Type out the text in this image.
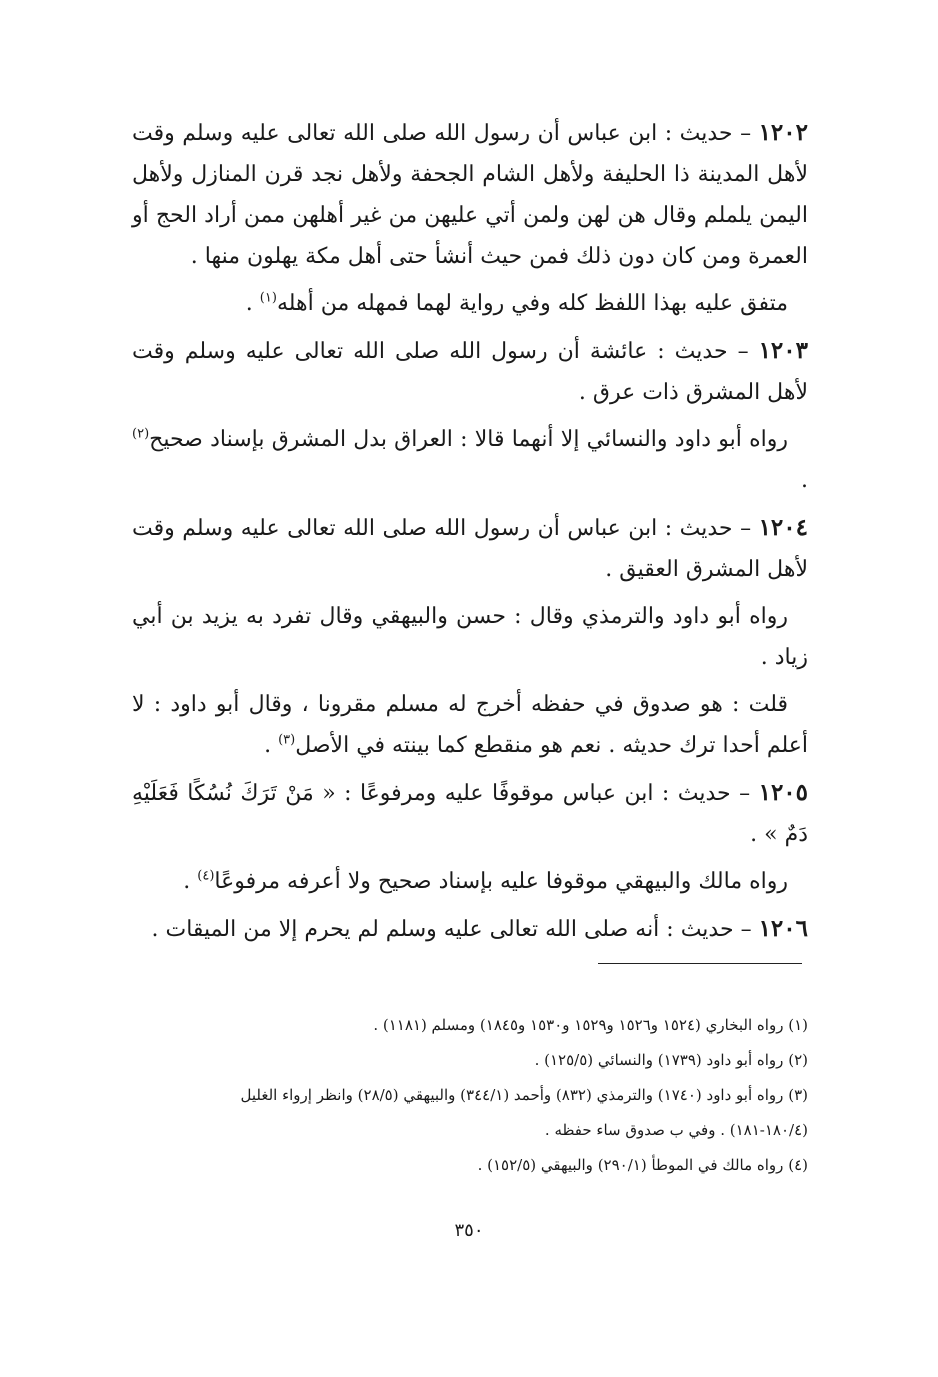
١٢٠٢ – حديث : ابن عباس أن رسول الله صلى الله تعالى عليه وسلم وقت لأهل المدينة ذا الحليفة ولأهل الشام الجحفة ولأهل نجد قرن المنازل ولأهل اليمن يلملم وقال هن لهن ولمن أتي عليهن من غير أهلهن ممن أراد الحج أو العمرة ومن كان دون ذلك فمن حيث أنشأ حتى أهل مكة يهلون منها .

متفق عليه بهذا اللفظ كله وفي رواية لهما فمهله من أهله$^{(١)}$ .

١٢٠٣ – حديث : عائشة أن رسول الله صلى الله تعالى عليه وسلم وقت لأهل المشرق ذات عرق .

رواه أبو داود والنسائي إلا أنهما قالا : العراق بدل المشرق بإسناد صحيح$^{(٢)}$ .

١٢٠٤ – حديث : ابن عباس أن رسول الله صلى الله تعالى عليه وسلم وقت لأهل المشرق العقيق .

رواه أبو داود والترمذي وقال : حسن والبيهقي وقال تفرد به يزيد بن أبي زياد .

قلت : هو صدوق في حفظه أخرج له مسلم مقرونا ، وقال أبو داود : لا أعلم أحدا ترك حديثه . نعم هو منقطع كما بينته في الأصل$^{(٣)}$ .

١٢٠٥ – حديث : ابن عباس موقوفًا عليه ومرفوعًا : « مَنْ تَرَكَ نُسُكًا فَعَلَيْهِ دَمٌ » .

رواه مالك والبيهقي موقوفا عليه بإسناد صحيح ولا أعرفه مرفوعًا$^{(٤)}$ .

١٢٠٦ – حديث : أنه صلى الله تعالى عليه وسلم لم يحرم إلا من الميقات .

(١) رواه البخاري (١٥٢٤ و١٥٢٦ و١٥٢٩ و١٥٣٠ و١٨٤٥) ومسلم (١١٨١) .

(٢) رواه أبو داود (١٧٣٩) والنسائي (١٢٥/٥) .

(٣) رواه أبو داود (١٧٤٠) والترمذي (٨٣٢) وأحمد (٣٤٤/١) والبيهقي (٢٨/٥) وانظر إرواء الغليل
(١٨٠/٤-١٨١) . وفي ب صدوق ساء حفظه .

(٤) رواه مالك في الموطأ (٢٩٠/١) والبيهقي (١٥٢/٥) .

٣٥٠
